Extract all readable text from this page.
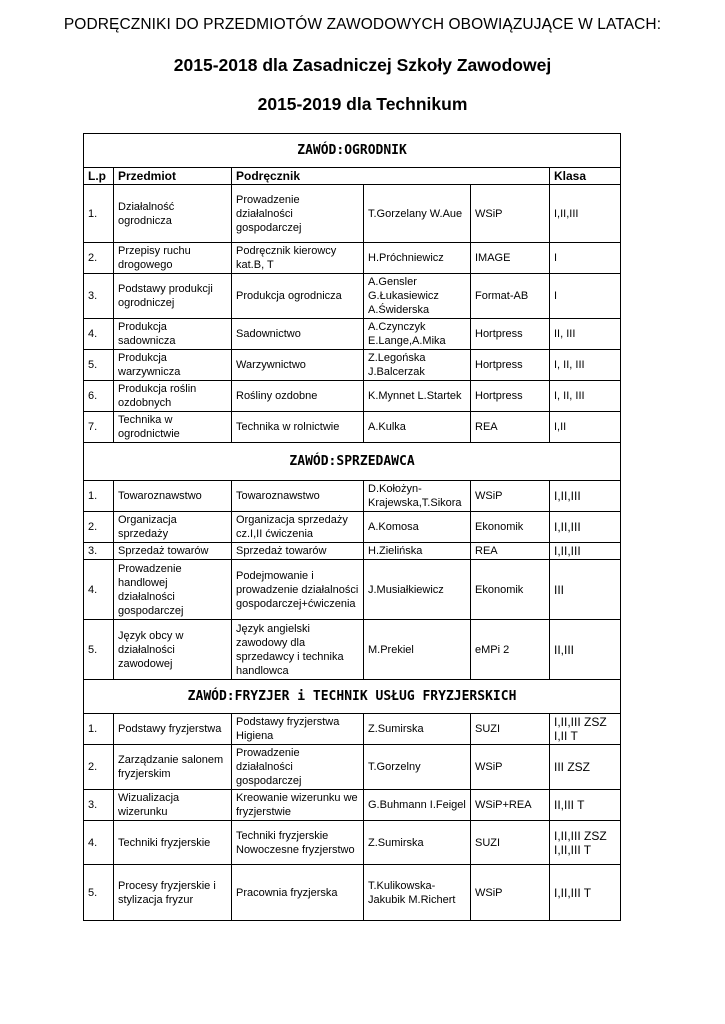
PODRĘCZNIKI DO PRZEDMIOTÓW ZAWODOWYCH OBOWIĄZUJĄCE W LATACH:
2015-2018 dla Zasadniczej Szkoły Zawodowej
2015-2019 dla Technikum
ZAWÓD:OGRODNIK					
L.p	Przedmiot	Podręcznik			Klasa
1.	Działalność ogrodnicza	Prowadzenie działalności gospodarczej	T.Gorzelany W.Aue	WSiP	I,II,III

2.	Przepisy ruchu drogowego	Podręcznik kierowcy kat.B, T	H.Próchniewicz	IMAGE	I

3.	Podstawy produkcji ogrodniczej	Produkcja ogrodnicza	A.Gensler G.Łukasiewicz A.Świderska	Format-AB	I

4.	Produkcja sadownicza	Sadownictwo	A.Czynczyk E.Lange,A.Mika	Hortpress	II, III

5.	Produkcja warzywnicza	Warzywnictwo	Z.Legońska J.Balcerzak	Hortpress	I, II, III

6.	Produkcja roślin ozdobnych	Rośliny ozdobne	K.Mynnet L.Startek	Hortpress	I, II, III

7.	Technika w ogrodnictwie	Technika w rolnictwie	A.Kulka	REA	I,II

ZAWÓD:SPRZEDAWCA					
1.	Towaroznawstwo	Towaroznawstwo	D.Kołożyn-Krajewska,T.Sikora	WSiP	I,II,III

2.	Organizacja sprzedaży	Organizacja sprzedaży cz.I,II ćwiczenia	A.Komosa	Ekonomik	I,II,III

3.	Sprzedaż towarów	Sprzedaż towarów	H.Zielińska	REA	I,II,III

4.	Prowadzenie handlowej działalności gospodarczej	Podejmowanie i prowadzenie działalności gospodarczej+ćwiczenia	J.Musiałkiewicz	Ekonomik	III

5.	Język obcy w działalności zawodowej	Język angielski zawodowy dla sprzedawcy i technika handlowca	M.Prekiel	eMPi 2	II,III

ZAWÓD:FRYZJER i TECHNIK USŁUG FRYZJERSKICH					
1.	Podstawy fryzjerstwa	Podstawy fryzjerstwa Higiena	Z.Sumirska	SUZI	I,II,III ZSZ
I,II T

2.	Zarządzanie salonem fryzjerskim	Prowadzenie działalności gospodarczej	T.Gorzelny	WSiP	III ZSZ

3.	Wizualizacja wizerunku	Kreowanie wizerunku we fryzjerstwie	G.Buhmann I.Feigel	WSiP+REA	II,III T

4.	Techniki fryzjerskie	Techniki fryzjerskie Nowoczesne fryzjerstwo	Z.Sumirska	SUZI	I,II,III ZSZ
I,II,III T

5.	Procesy fryzjerskie i stylizacja fryzur	Pracownia fryzjerska	T.Kulikowska-Jakubik M.Richert	WSiP	I,II,III T
